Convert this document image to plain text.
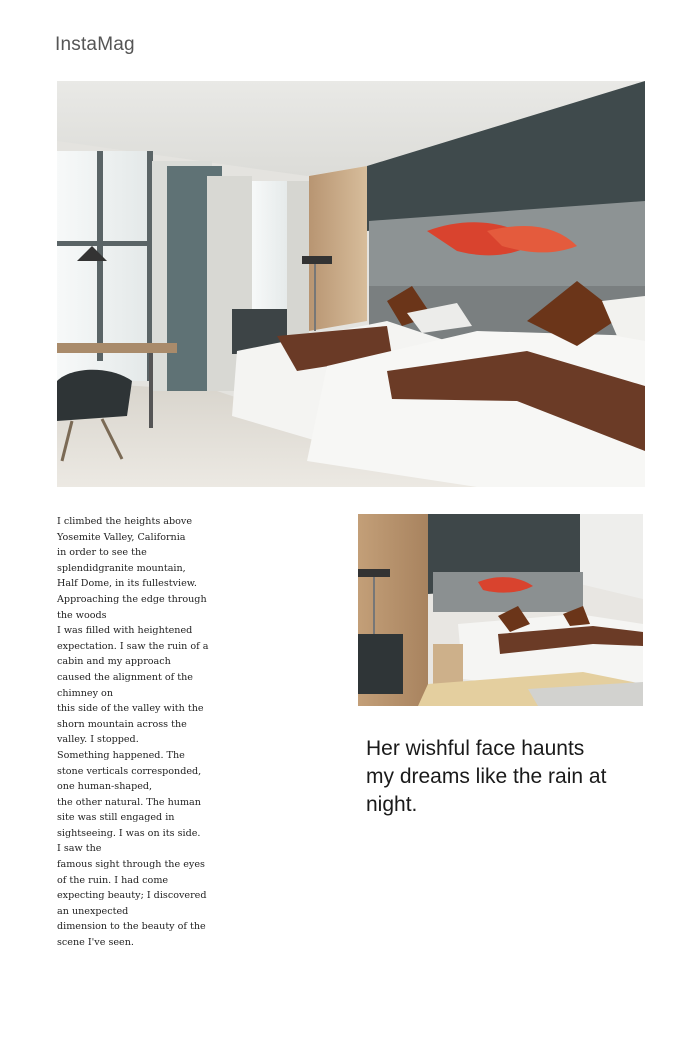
InstaMag
I climbed the heights above
Yosemite Valley, California
in order to see the
splendidgranite mountain,
Half Dome, in its fullestview.
Approaching the edge through
the woods
I was filled with heightened
expectation. I saw the ruin of a
cabin and my approach
caused the alignment of the
chimney on
this side of the valley with the
shorn mountain across the
valley. I stopped.
Something happened. The
stone verticals corresponded,
one human-shaped,
the other natural. The human
site was still engaged in
sightseeing. I was on its side.
I saw the
famous sight through the eyes
of the ruin. I had come
expecting beauty; I discovered
an unexpected
dimension to the beauty of the
scene I've seen.
Her wishful face haunts
my dreams like the rain at
night.
